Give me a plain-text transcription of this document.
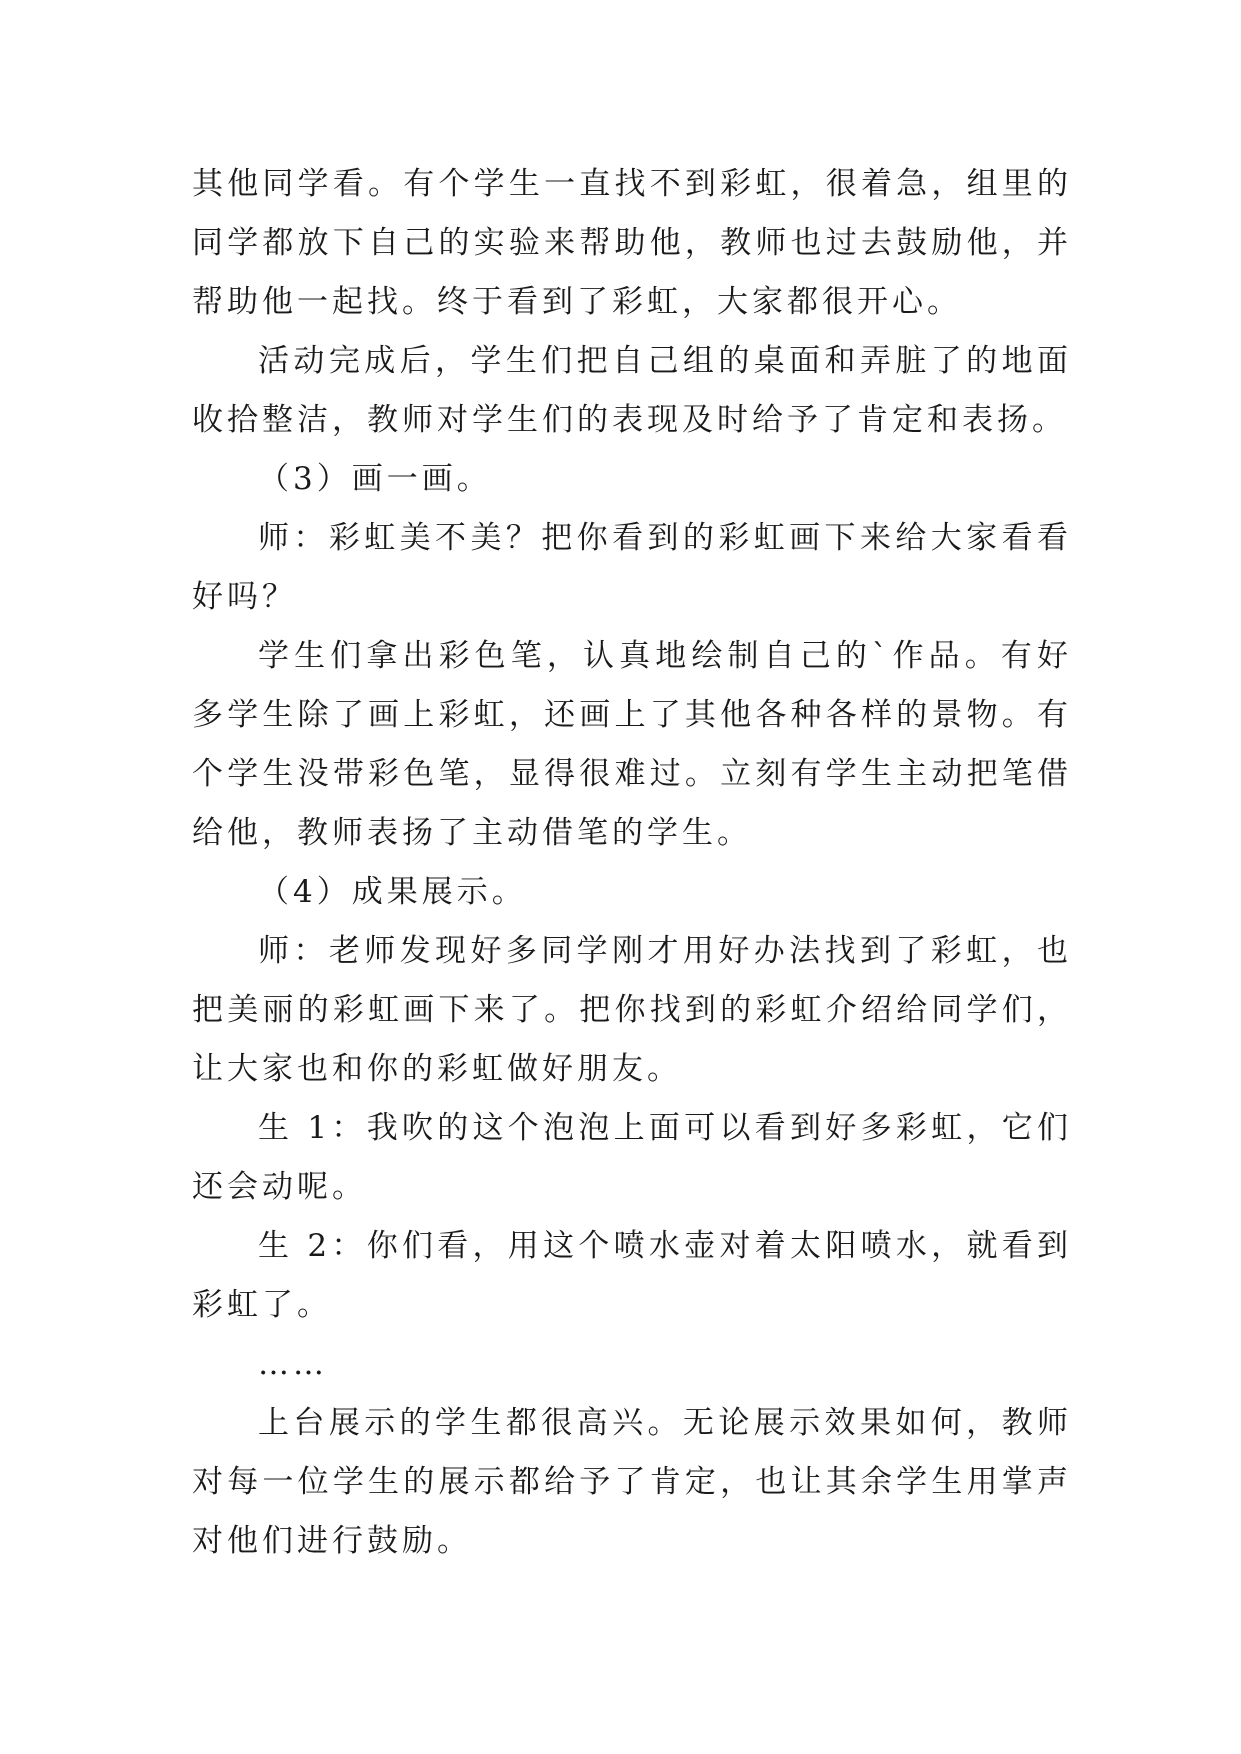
其他同学看。有个学生一直找不到彩虹，很着急，组里的同学都放下自己的实验来帮助他，教师也过去鼓励他，并帮助他一起找。终于看到了彩虹，大家都很开心。

活动完成后，学生们把自己组的桌面和弄脏了的地面收拾整洁，教师对学生们的表现及时给予了肯定和表扬。

（3）画一画。

师：彩虹美不美？把你看到的彩虹画下来给大家看看好吗？

学生们拿出彩色笔，认真地绘制自己的`作品。有好多学生除了画上彩虹，还画上了其他各种各样的景物。有个学生没带彩色笔，显得很难过。立刻有学生主动把笔借给他，教师表扬了主动借笔的学生。

（4）成果展示。

师：老师发现好多同学刚才用好办法找到了彩虹，也把美丽的彩虹画下来了。把你找到的彩虹介绍给同学们，让大家也和你的彩虹做好朋友。

生 1：我吹的这个泡泡上面可以看到好多彩虹，它们还会动呢。

生 2：你们看，用这个喷水壶对着太阳喷水，就看到彩虹了。

……

上台展示的学生都很高兴。无论展示效果如何，教师对每一位学生的展示都给予了肯定，也让其余学生用掌声对他们进行鼓励。
